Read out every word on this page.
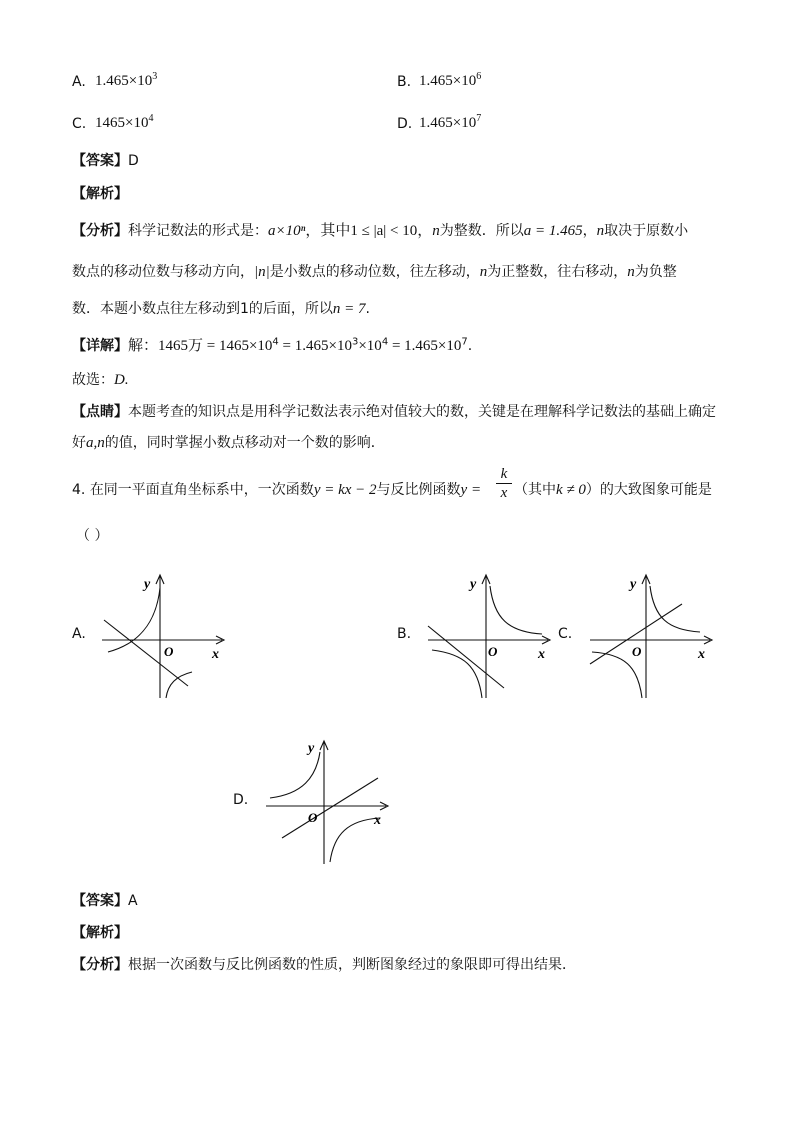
A. $1.465\times 10^3$	B. $1.465\times 10^6$
C. $1465\times 10^4$	D. $1.465\times 10^7$
【答案】D
【解析】
【分析】科学记数法的形式是：a×10ⁿ，其中1 ≤ |a| < 10，n为整数．所以a = 1.465，n取决于原数小
数点的移动位数与移动方向，|n|是小数点的移动位数，往左移动，n为正整数，往右移动，n为负整
数．本题小数点往左移动到1的后面，所以n = 7.
【详解】解：1465万 = $1465\times 10^4 = 1.465\times 10^3\times 10^4 = 1.465\times 10^7$.
故选：D.
【点睛】本题考查的知识点是用科学记数法表示绝对值较大的数，关键是在理解科学记数法的基础上确定
好a,n的值，同时掌握小数点移动对一个数的影响．
4. 在同一平面直角坐标系中，一次函数y = kx − 2与反比例函数y =
k
x （其中k ≠ 0）的大致图象可能是
（ ）
A.
y
O	x
B.
y
O	x
C.
y
O	x
D.
y
O	x
【答案】A
【解析】
【分析】根据一次函数与反比例函数的性质，判断图象经过的象限即可得出结果．
